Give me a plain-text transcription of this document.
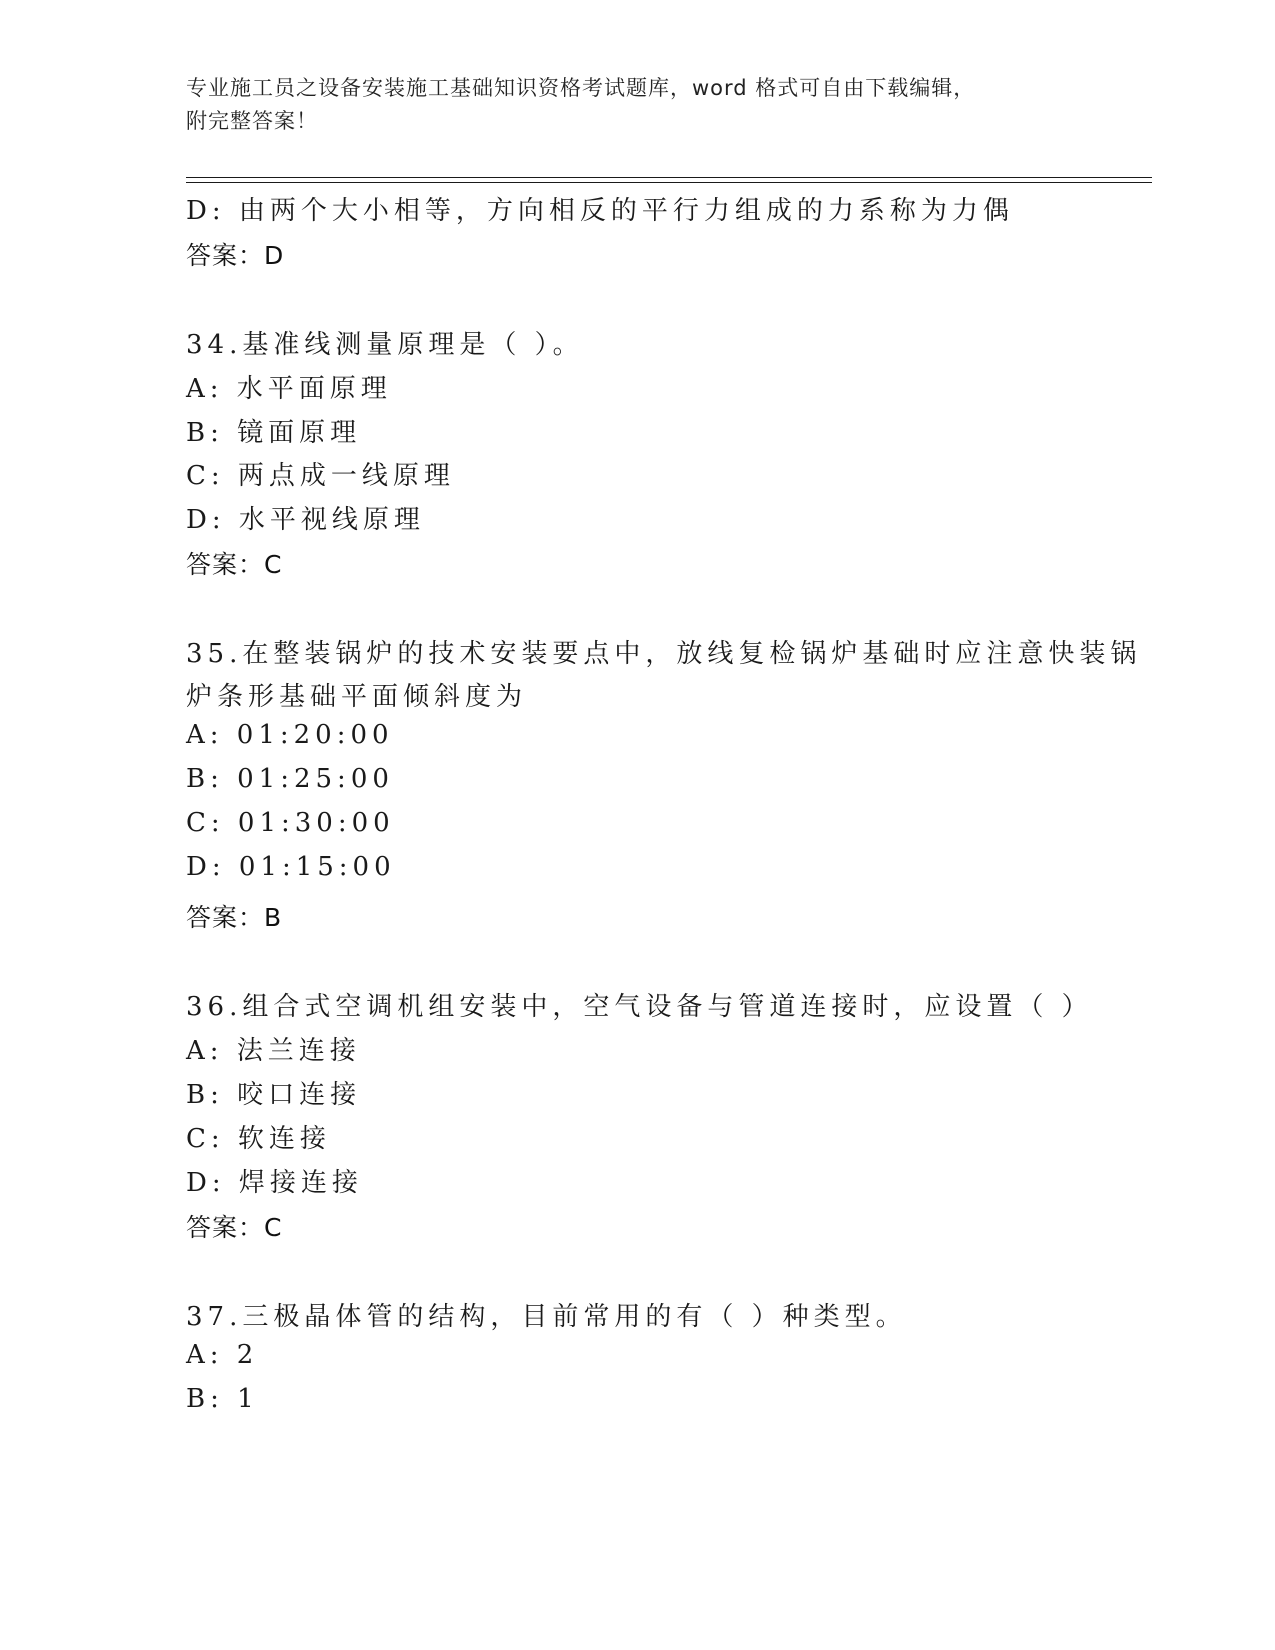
专业施工员之设备安装施工基础知识资格考试题库，word 格式可自由下载编辑，
附完整答案！
D: 由两个大小相等，方向相反的平行力组成的力系称为力偶
答案：D
34.基准线测量原理是（ ）。
A: 水平面原理
B: 镜面原理
C: 两点成一线原理
D: 水平视线原理
答案：C
35.在整装锅炉的技术安装要点中，放线复检锅炉基础时应注意快装锅
炉条形基础平面倾斜度为
A: 01:20:00
B: 01:25:00
C: 01:30:00
D: 01:15:00
答案：B
36.组合式空调机组安装中，空气设备与管道连接时，应设置（ ）
A: 法兰连接
B: 咬口连接
C: 软连接
D: 焊接连接
答案：C
37.三极晶体管的结构，目前常用的有（ ）种类型。
A: 2
B: 1
